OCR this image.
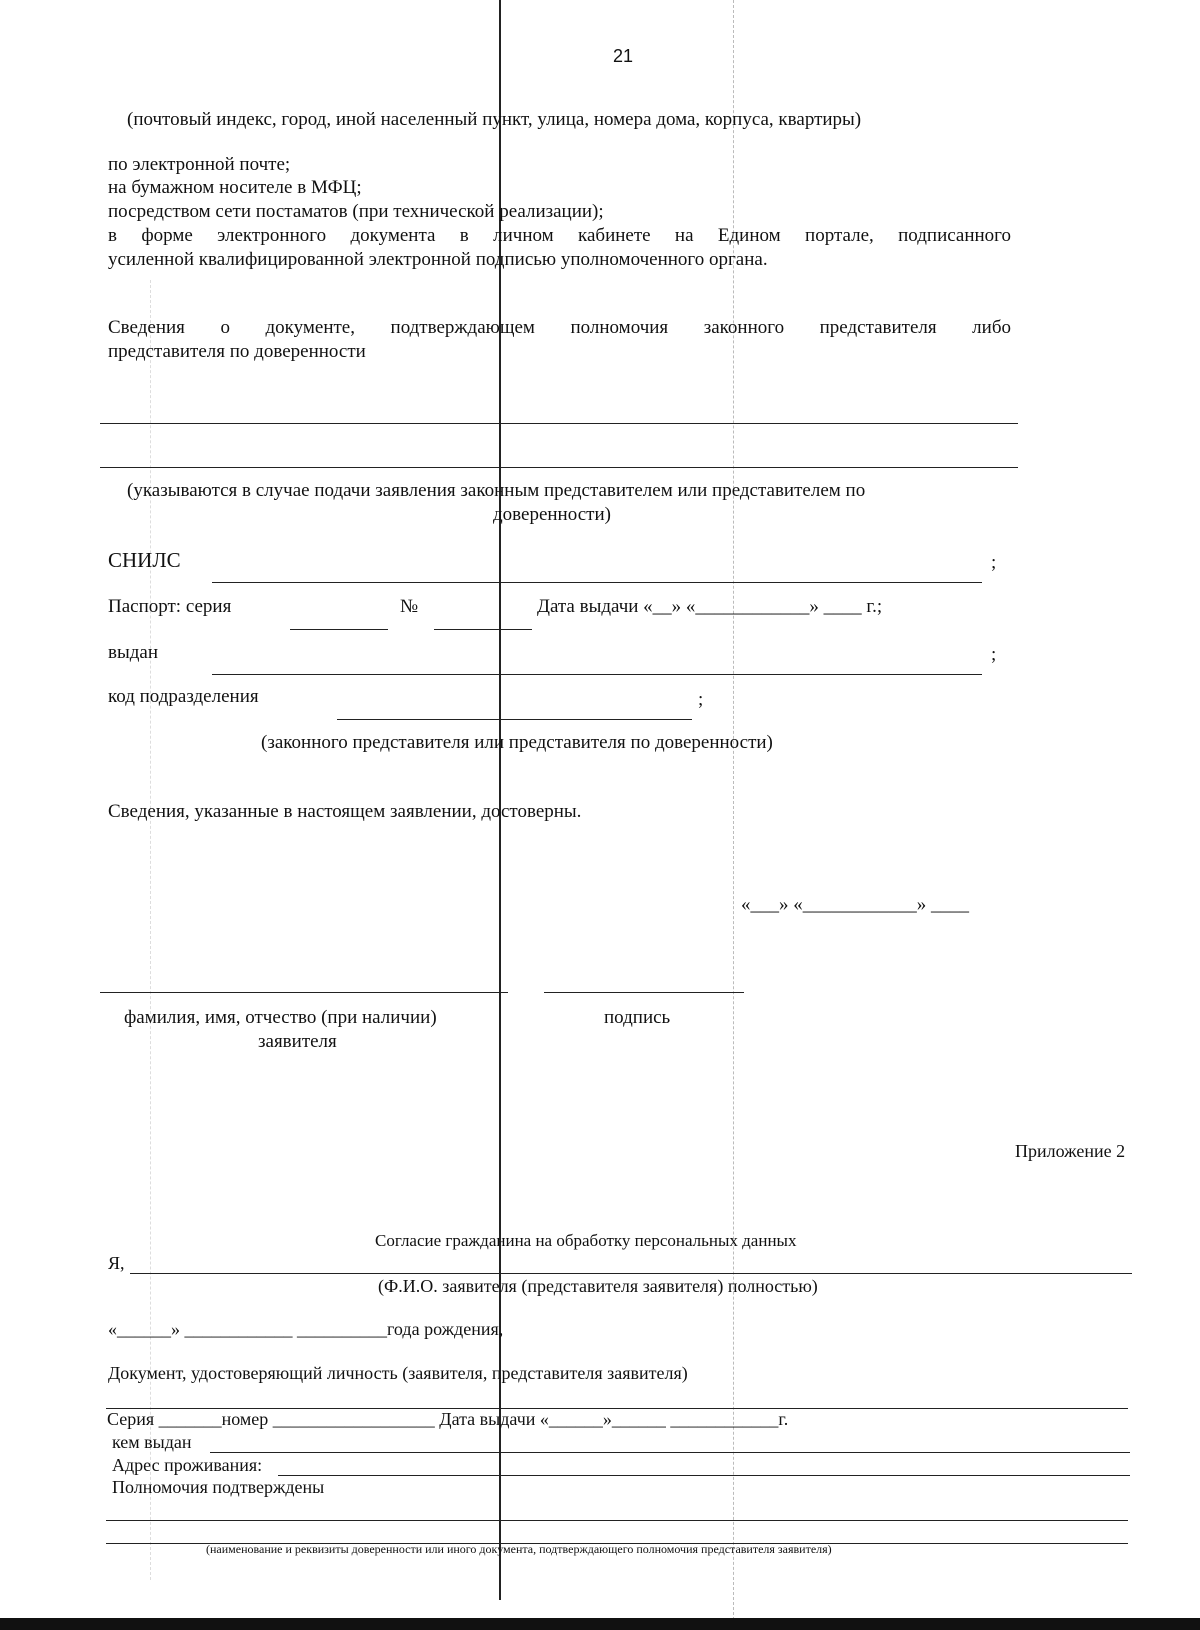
21
(почтовый индекс, город, иной населенный пункт, улица, номера дома, корпуса, квартиры)
по электронной почте;
на бумажном носителе в МФЦ;
посредством сети постаматов (при технической реализации);
в форме электронного документа в личном кабинете на Едином портале, подписанного
усиленной квалифицированной электронной подписью уполномоченного органа.
Сведения о документе, подтверждающем полномочия законного представителя либо
представителя по доверенности
(указываются в случае подачи заявления законным представителем или представителем по
доверенности)
СНИЛС	;
Паспорт: серия	№	Дата выдачи «__» «____________» ____ г.;
выдан	;
код подразделения	;
(законного представителя или представителя по доверенности)
Сведения, указанные в настоящем заявлении, достоверны.
«___» «____________» ____
фамилия, имя, отчество (при наличии)
заявителя
подпись
Приложение 2
Согласие гражданина на обработку персональных данных
Я,
(Ф.И.О. заявителя (представителя заявителя) полностью)
«______» ____________ __________года рождения,
Документ, удостоверяющий личность (заявителя, представителя заявителя)
Серия _______номер __________________ Дата выдачи «______»______ ____________г.
кем выдан
Адрес проживания:
Полномочия подтверждены
(наименование и реквизиты доверенности или иного документа, подтверждающего полномочия представителя заявителя)
